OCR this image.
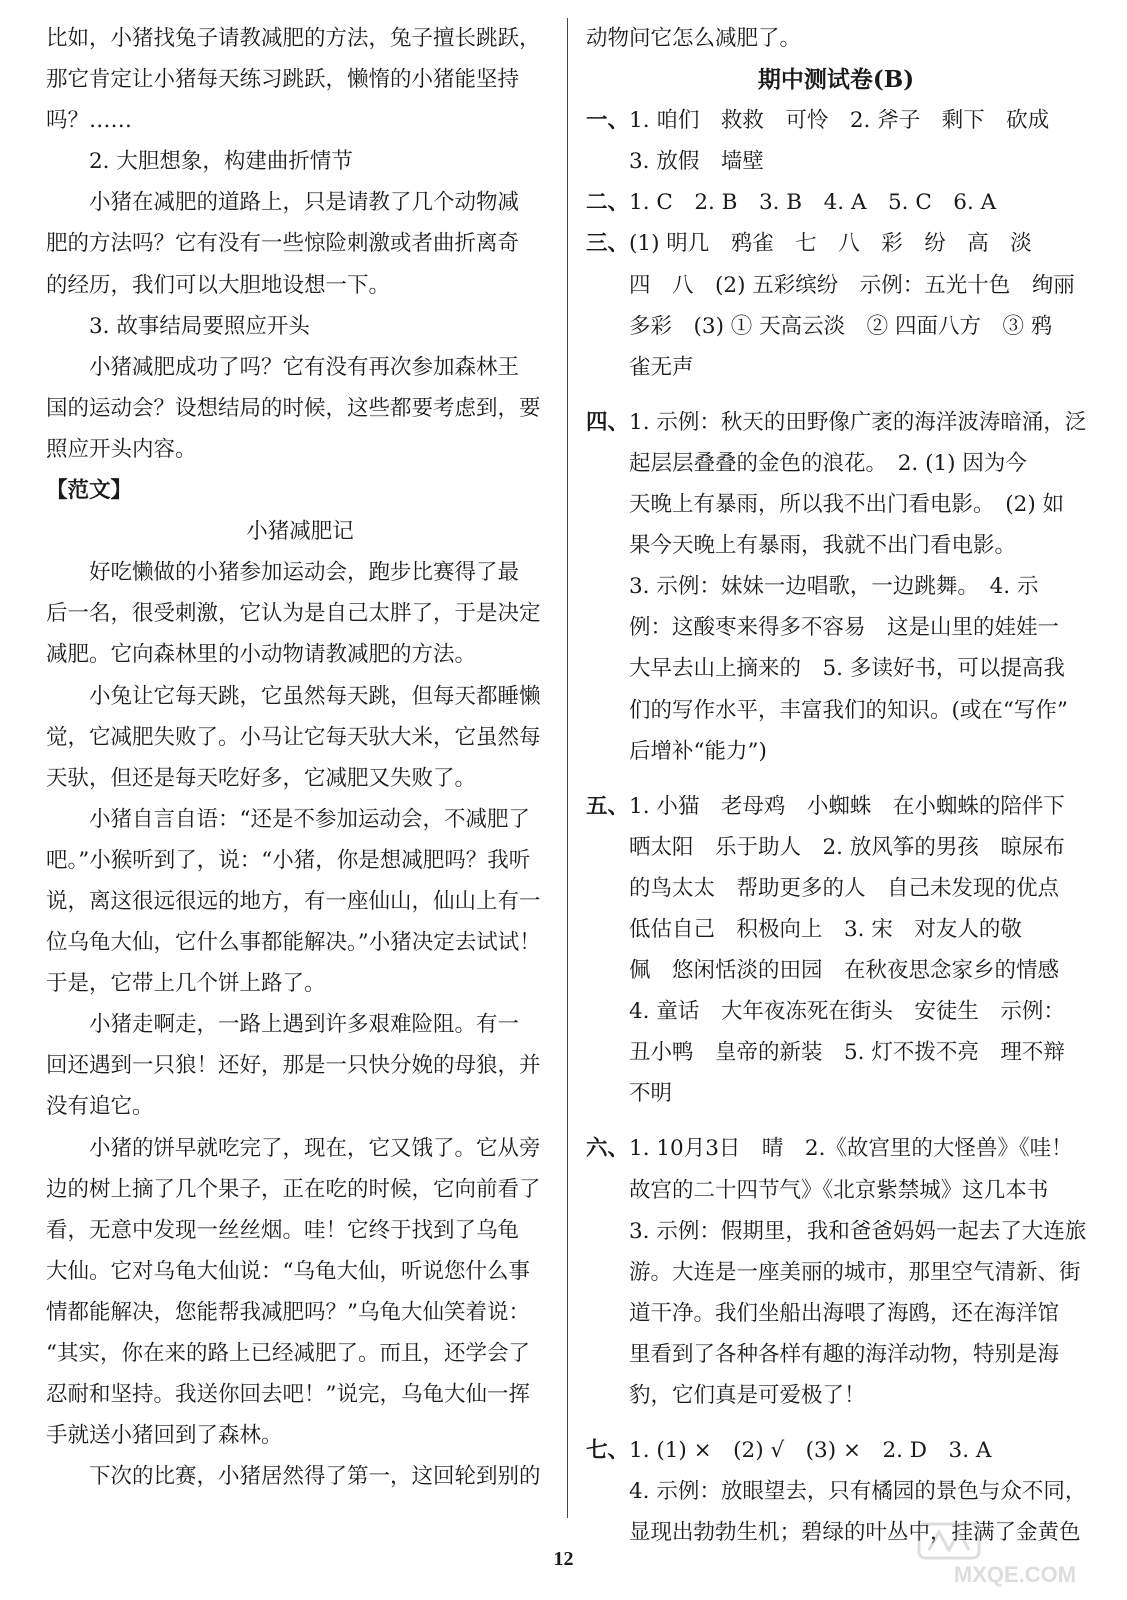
比如，小猪找兔子请教减肥的方法，兔子擅长跳跃，
那它肯定让小猪每天练习跳跃，懒惰的小猪能坚持
吗？……
2. 大胆想象，构建曲折情节
小猪在减肥的道路上，只是请教了几个动物减
肥的方法吗？它有没有一些惊险刺激或者曲折离奇
的经历，我们可以大胆地设想一下。
3. 故事结局要照应开头
小猪减肥成功了吗？它有没有再次参加森林王
国的运动会？设想结局的时候，这些都要考虑到，要
照应开头内容。
【范文】
小猪减肥记
好吃懒做的小猪参加运动会，跑步比赛得了最
后一名，很受刺激，它认为是自己太胖了，于是决定
减肥。它向森林里的小动物请教减肥的方法。
小兔让它每天跳，它虽然每天跳，但每天都睡懒
觉，它减肥失败了。小马让它每天驮大米，它虽然每
天驮，但还是每天吃好多，它减肥又失败了。
小猪自言自语：“还是不参加运动会，不减肥了
吧。”小猴听到了，说：“小猪，你是想减肥吗？我听
说，离这很远很远的地方，有一座仙山，仙山上有一
位乌龟大仙，它什么事都能解决。”小猪决定去试试！
于是，它带上几个饼上路了。
小猪走啊走，一路上遇到许多艰难险阻。有一
回还遇到一只狼！还好，那是一只快分娩的母狼，并
没有追它。
小猪的饼早就吃完了，现在，它又饿了。它从旁
边的树上摘了几个果子，正在吃的时候，它向前看了
看，无意中发现一丝丝烟。哇！它终于找到了乌龟
大仙。它对乌龟大仙说：“乌龟大仙，听说您什么事
情都能解决，您能帮我减肥吗？”乌龟大仙笑着说：
“其实，你在来的路上已经减肥了。而且，还学会了
忍耐和坚持。我送你回去吧！”说完，乌龟大仙一挥
手就送小猪回到了森林。
下次的比赛，小猪居然得了第一，这回轮到别的
动物问它怎么减肥了。
期中测试卷(B)
一、1. 咱们　救救　可怜　2. 斧子　剩下　砍成
3. 放假　墙壁
二、1. C　2. B　3. B　4. A　5. C　6. A
三、(1) 明几　鸦雀　七　八　彩　纷　高　淡
四　八　(2) 五彩缤纷　示例：五光十色　绚丽
多彩　(3) ① 天高云淡　② 四面八方　③ 鸦
雀无声
四、1. 示例：秋天的田野像广袤的海洋波涛暗涌，泛
起层层叠叠的金色的浪花。　2. (1) 因为今
天晚上有暴雨，所以我不出门看电影。　(2) 如
果今天晚上有暴雨，我就不出门看电影。
3. 示例：妹妹一边唱歌，一边跳舞。　4. 示
例：这酸枣来得多不容易　这是山里的娃娃一
大早去山上摘来的　5. 多读好书，可以提高我
们的写作水平，丰富我们的知识。(或在“写作”
后增补“能力”)
五、1. 小猫　老母鸡　小蜘蛛　在小蜘蛛的陪伴下
晒太阳　乐于助人　2. 放风筝的男孩　晾尿布
的鸟太太　帮助更多的人　自己未发现的优点
低估自己　积极向上　3. 宋　对友人的敬
佩　悠闲恬淡的田园　在秋夜思念家乡的情感
4. 童话　大年夜冻死在街头　安徒生　示例：
丑小鸭　皇帝的新装　5. 灯不拨不亮　理不辩
不明
六、1. 10月3日　晴　2.《故宫里的大怪兽》《哇！
故宫的二十四节气》《北京紫禁城》这几本书
3. 示例：假期里，我和爸爸妈妈一起去了大连旅
游。大连是一座美丽的城市，那里空气清新、街
道干净。我们坐船出海喂了海鸥，还在海洋馆
里看到了各种各样有趣的海洋动物，特别是海
豹，它们真是可爱极了！
七、1. (1) ×　(2) √　(3) ×　2. D　3. A
4. 示例：放眼望去，只有橘园的景色与众不同，
显现出勃勃生机；碧绿的叶丛中，挂满了金黄色
12
MXQE.COM
